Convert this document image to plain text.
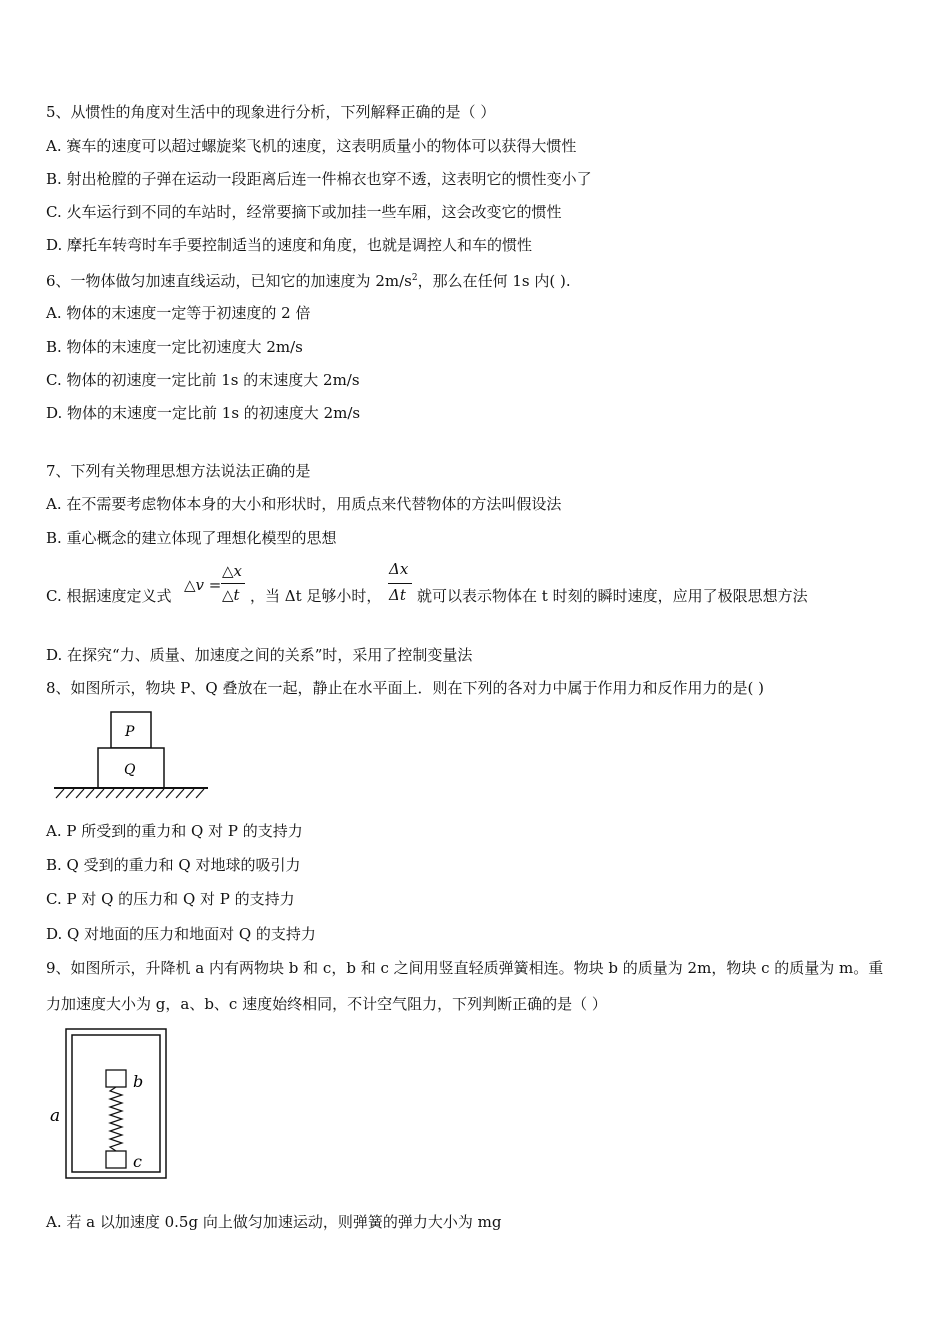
5、从惯性的角度对生活中的现象进行分析，下列解释正确的是（ ）
A. 赛车的速度可以超过螺旋桨飞机的速度，这表明质量小的物体可以获得大惯性
B. 射出枪膛的子弹在运动一段距离后连一件棉衣也穿不透，这表明它的惯性变小了
C. 火车运行到不同的车站时，经常要摘下或加挂一些车厢，这会改变它的惯性
D. 摩托车转弯时车手要控制适当的速度和角度，也就是调控人和车的惯性
6、一物体做匀加速直线运动，已知它的加速度为 $2m/s^2$，那么在任何 1s 内( ).
A. 物体的末速度一定等于初速度的 2 倍
B. 物体的末速度一定比初速度大 2m/s
C. 物体的初速度一定比前 1s 的末速度大 2m/s
D. 物体的末速度一定比前 1s 的初速度大 2m/s
7、下列有关物理思想方法说法正确的是
A. 在不需要考虑物体本身的大小和形状时，用质点来代替物体的方法叫假设法
B. 重心概念的建立体现了理想化模型的思想
C. 根据速度定义式
△v =
△x
△t ，当 Δt 足够小时，
Δx
Δt 就可以表示物体在 t 时刻的瞬时速度，应用了极限思想方法
D. 在探究“力、质量、加速度之间的关系”时，采用了控制变量法
8、如图所示，物块 P、Q 叠放在一起，静止在水平面上．则在下列的各对力中属于作用力和反作用力的是( )
P
Q
A. P 所受到的重力和 Q 对 P 的支持力
B. Q 受到的重力和 Q 对地球的吸引力
C. P 对 Q 的压力和 Q 对 P 的支持力
D. Q 对地面的压力和地面对 Q 的支持力
9、如图所示，升降机 a 内有两物块 b 和 c，b 和 c 之间用竖直轻质弹簧相连。物块 b 的质量为 2m，物块 c 的质量为 m。重
力加速度大小为 g，a、b、c 速度始终相同，不计空气阻力，下列判断正确的是（ ）
a
b
c
A. 若 a 以加速度 0.5g 向上做匀加速运动，则弹簧的弹力大小为 mg
